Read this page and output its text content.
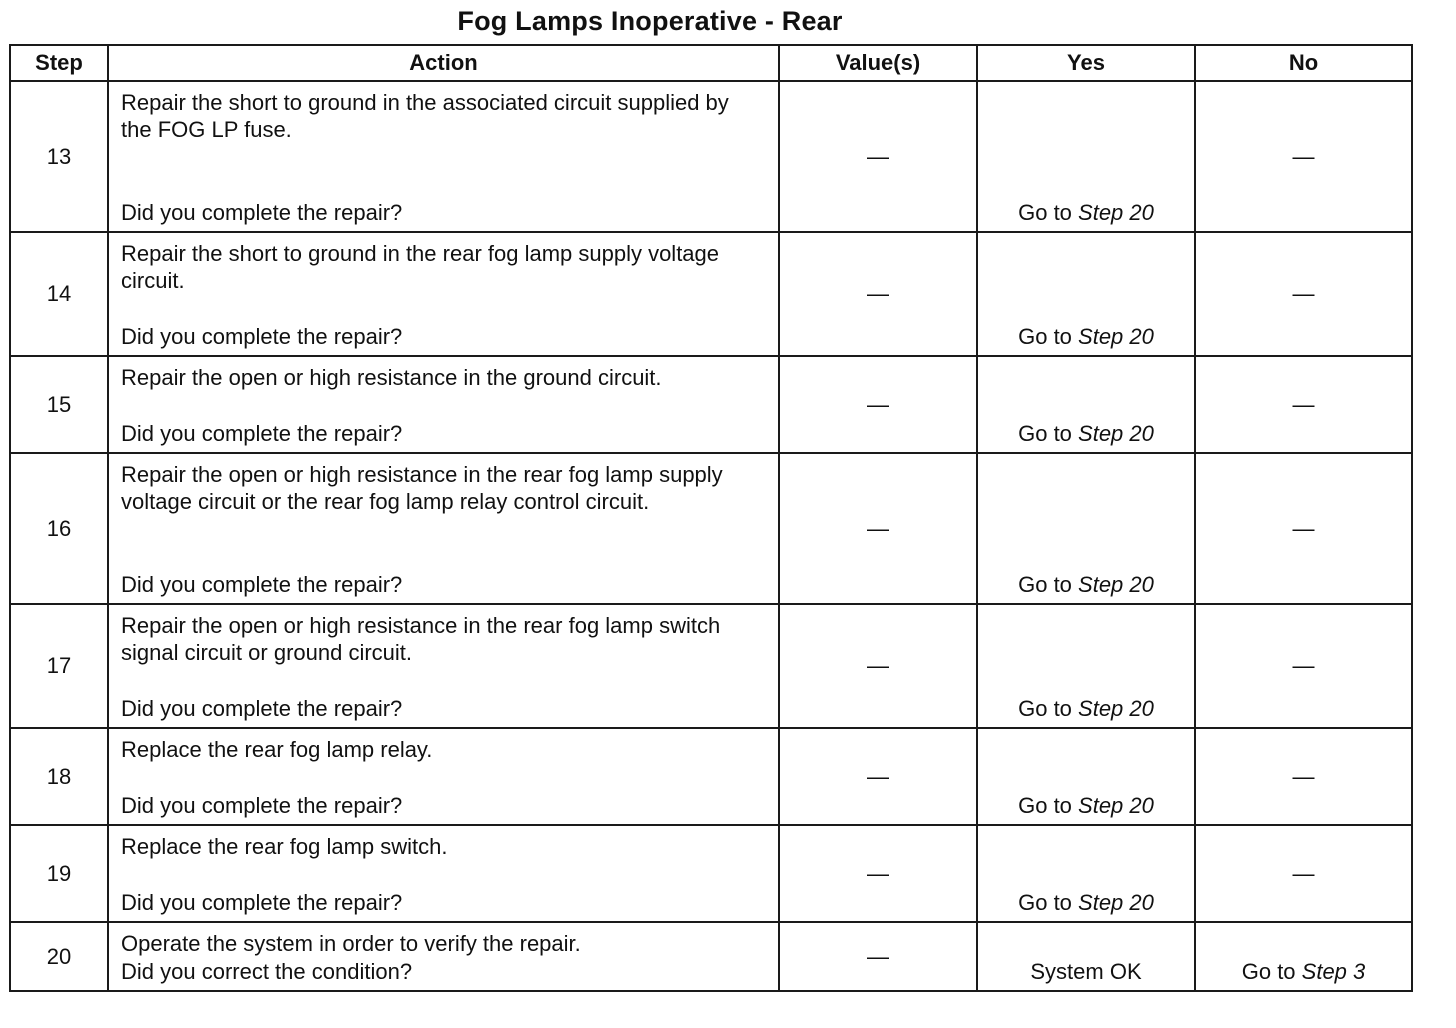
Fog Lamps Inoperative - Rear
Step	Action	Value(s)	Yes	No
13	Repair the short to ground in the associated circuit supplied by the FOG LP fuse.
Did you complete the repair?	—	Go to Step 20	—
14	Repair the short to ground in the rear fog lamp supply voltage circuit.
Did you complete the repair?	—	Go to Step 20	—
15	Repair the open or high resistance in the ground circuit.
Did you complete the repair?	—	Go to Step 20	—
16	Repair the open or high resistance in the rear fog lamp supply voltage circuit or the rear fog lamp relay control circuit.
Did you complete the repair?	—	Go to Step 20	—
17	Repair the open or high resistance in the rear fog lamp switch signal circuit or ground circuit.
Did you complete the repair?	—	Go to Step 20	—
18	Replace the rear fog lamp relay.
Did you complete the repair?	—	Go to Step 20	—
19	Replace the rear fog lamp switch.
Did you complete the repair?	—	Go to Step 20	—
20	Operate the system in order to verify the repair.
Did you correct the condition?	—	System OK	Go to Step 3
